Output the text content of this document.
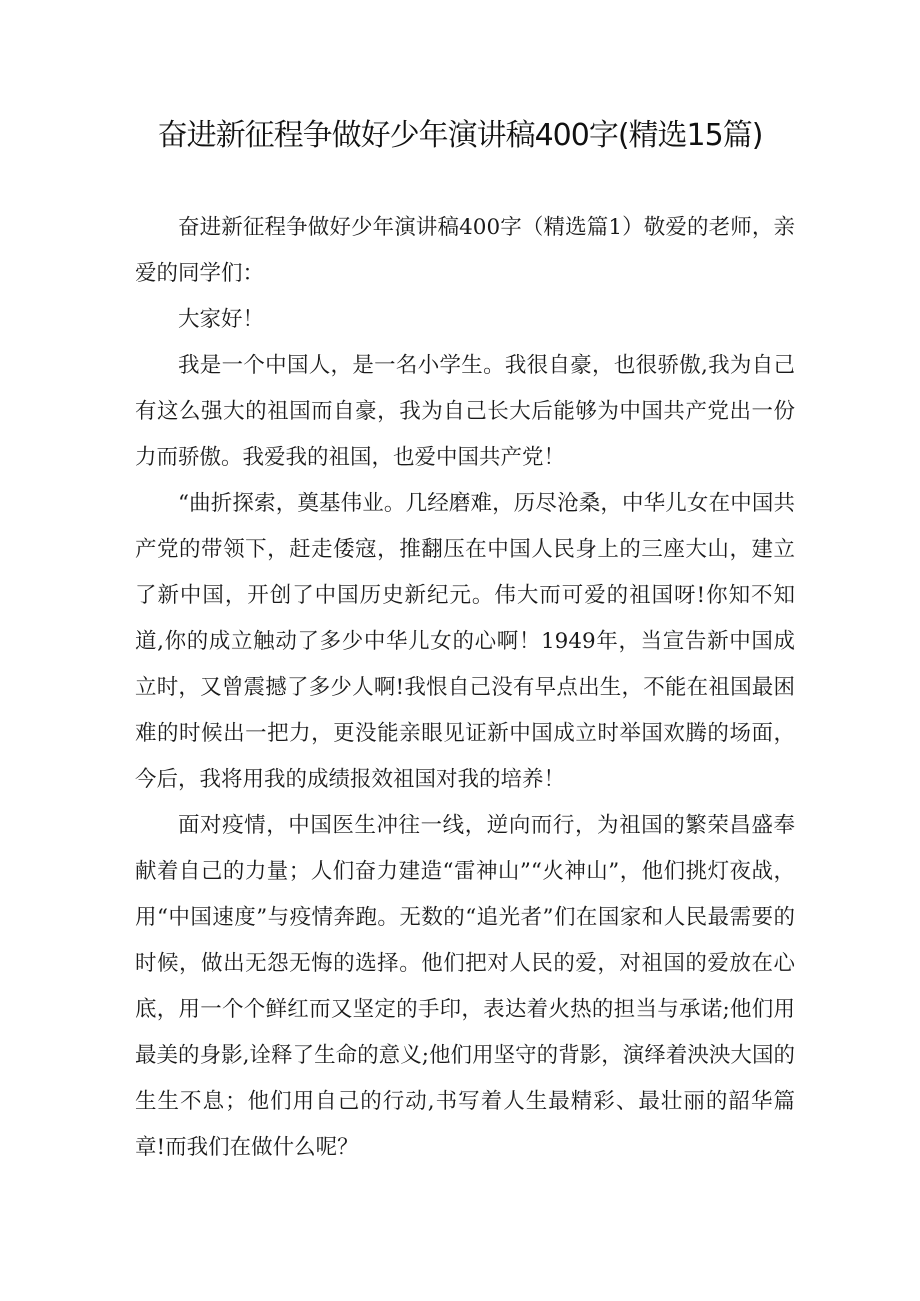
奋进新征程争做好少年演讲稿400字(精选15篇)

奋进新征程争做好少年演讲稿400字（精选篇1）敬爱的老师，亲爱的同学们：

大家好！

我是一个中国人，是一名小学生。我很自豪，也很骄傲,我为自己有这么强大的祖国而自豪，我为自己长大后能够为中国共产党出一份力而骄傲。我爱我的祖国，也爱中国共产党！

“曲折探索，奠基伟业。几经磨难，历尽沧桑，中华儿女在中国共产党的带领下，赶走倭寇，推翻压在中国人民身上的三座大山，建立了新中国，开创了中国历史新纪元。伟大而可爱的祖国呀!你知不知道,你的成立触动了多少中华儿女的心啊！1949年，当宣告新中国成立时，又曾震撼了多少人啊!我恨自己没有早点出生，不能在祖国最困难的时候出一把力，更没能亲眼见证新中国成立时举国欢腾的场面，今后，我将用我的成绩报效祖国对我的培养！

面对疫情，中国医生冲往一线，逆向而行，为祖国的繁荣昌盛奉献着自己的力量；人们奋力建造“雷神山”“火神山”，他们挑灯夜战，用“中国速度”与疫情奔跑。无数的“追光者”们在国家和人民最需要的时候，做出无怨无悔的选择。他们把对人民的爱，对祖国的爱放在心底，用一个个鲜红而又坚定的手印，表达着火热的担当与承诺;他们用最美的身影,诠释了生命的意义;他们用坚守的背影，演绎着泱泱大国的生生不息；他们用自己的行动,书写着人生最精彩、最壮丽的韶华篇章!而我们在做什么呢？
